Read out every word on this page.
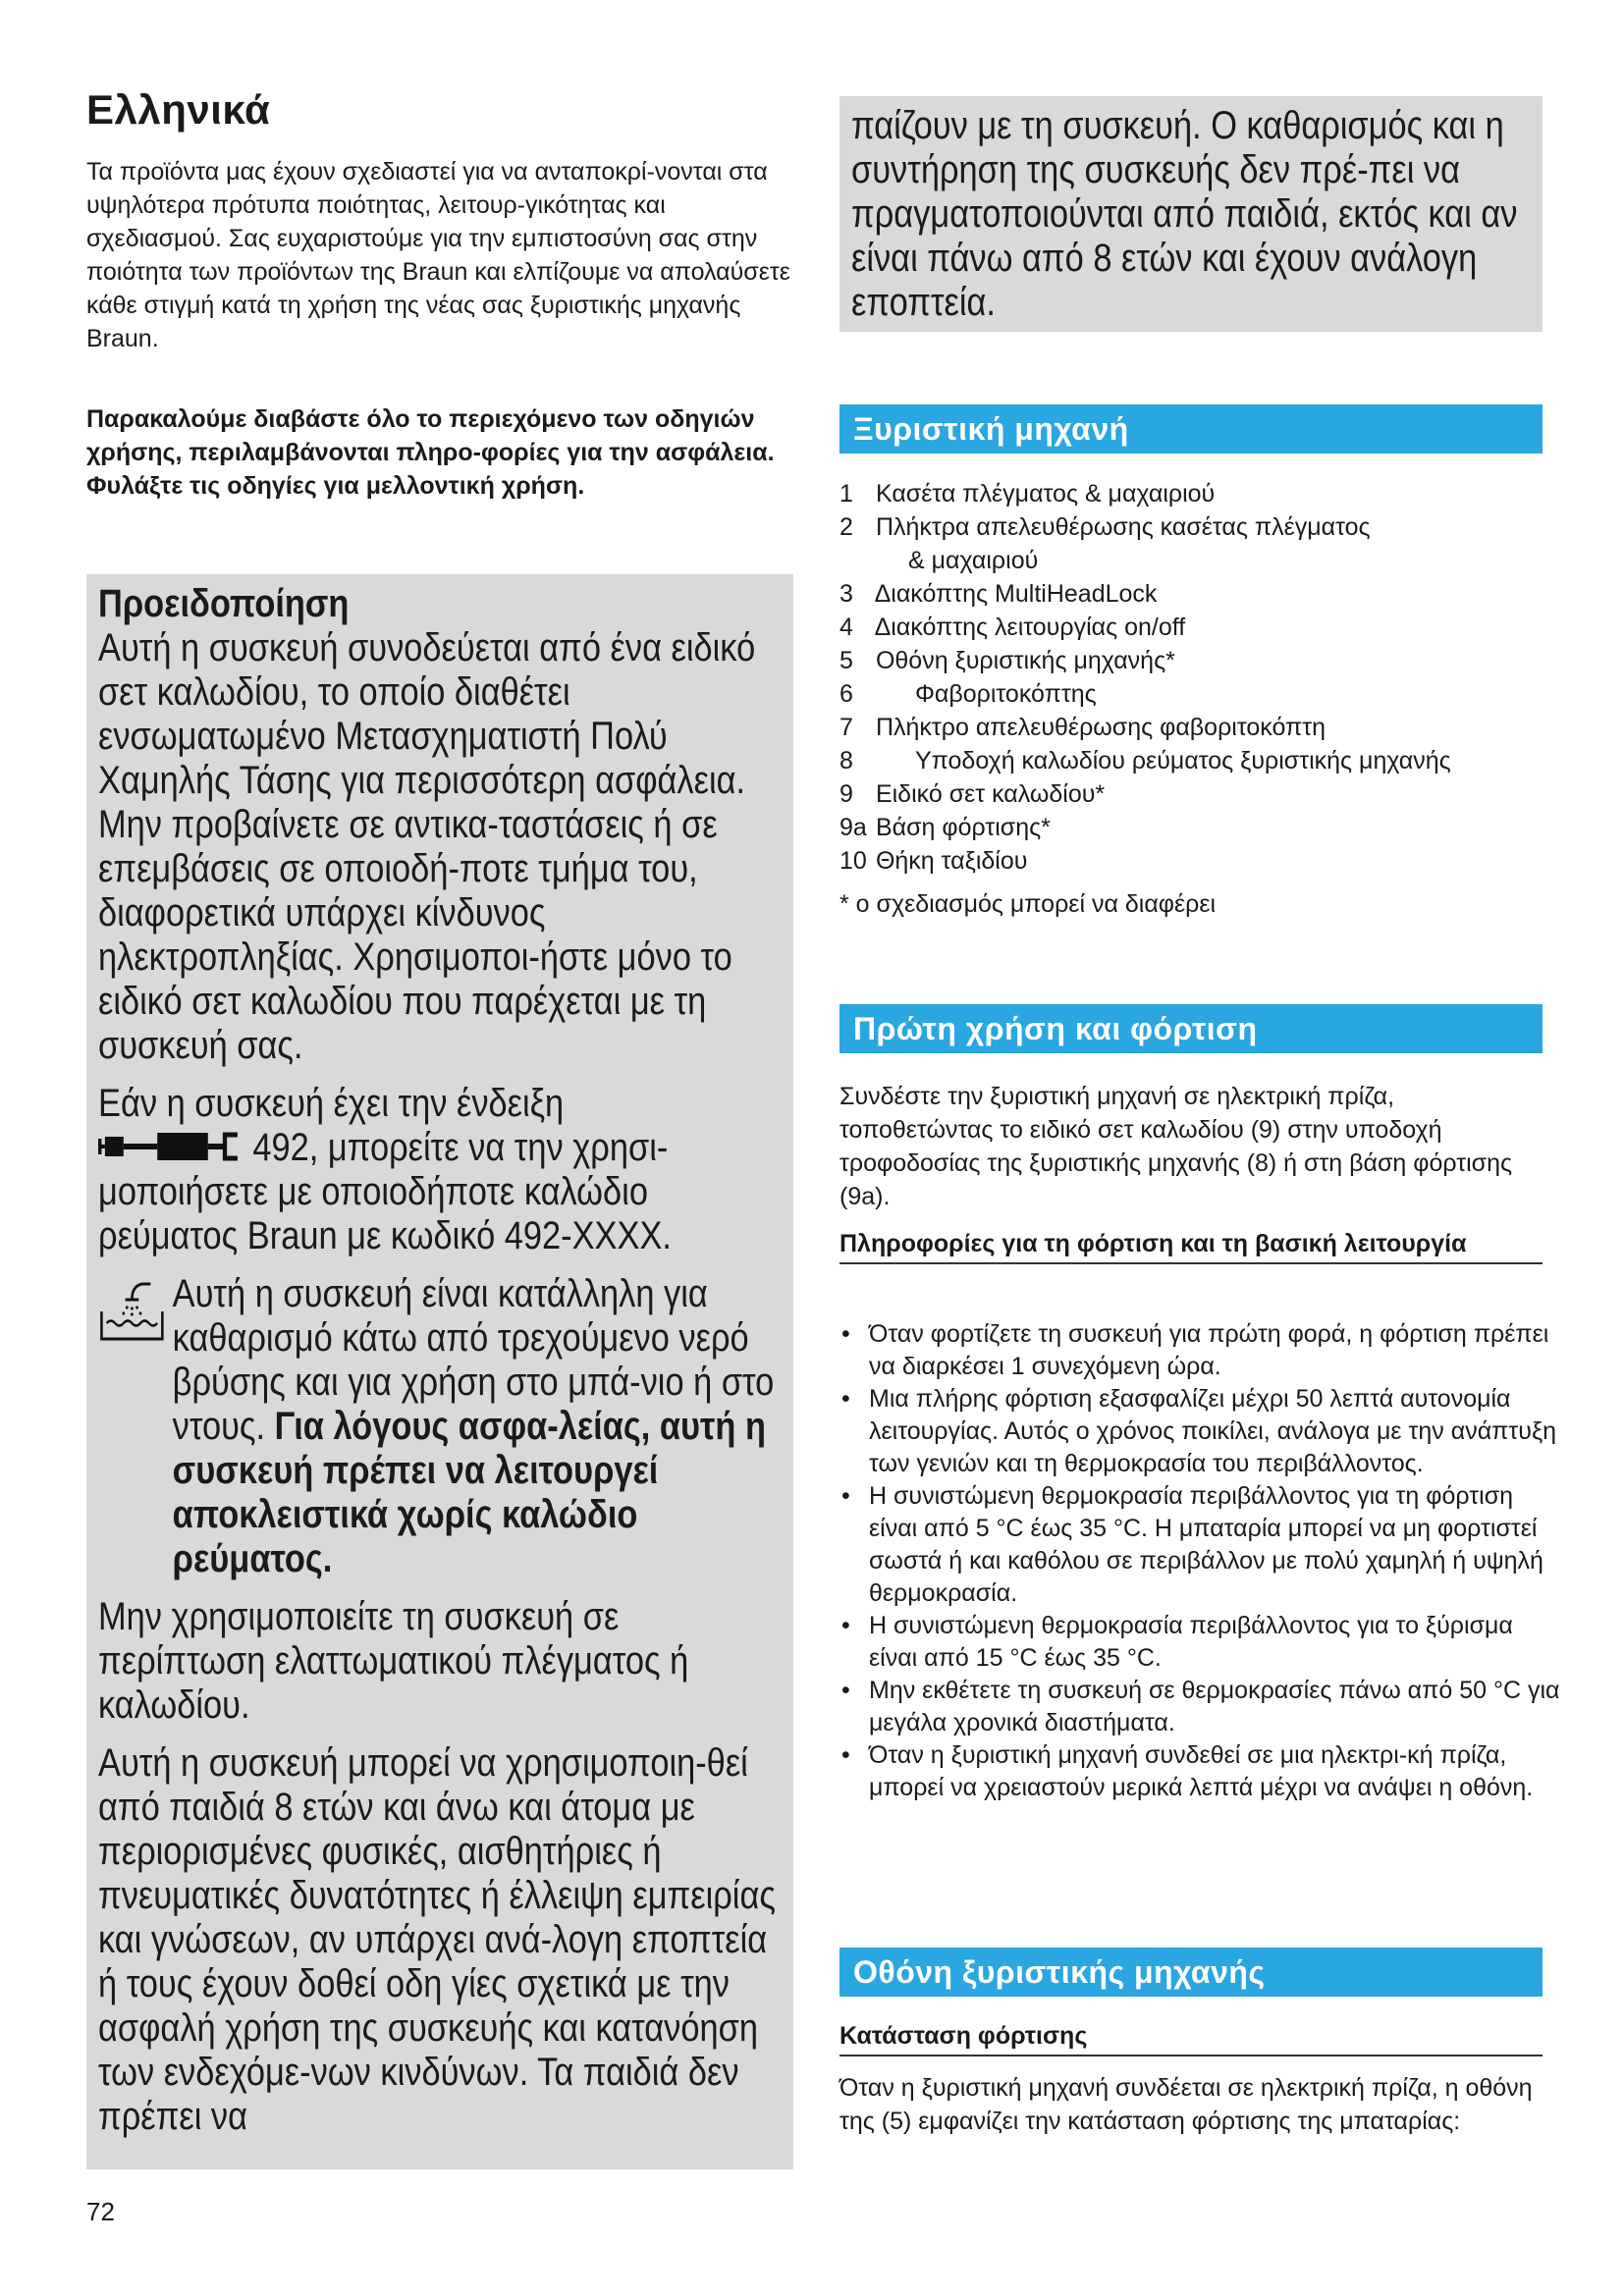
Ελληνικά
Τα προϊόντα μας έχουν σχεδιαστεί για να ανταποκρί-νονται στα υψηλότερα πρότυπα ποιότητας, λειτουρ-γικότητας και σχεδιασμού. Σας ευχαριστούμε για την εμπιστοσύνη σας στην ποιότητα των προϊόντων της Braun και ελπίζουμε να απολαύσετε κάθε στιγμή κατά τη χρήση της νέας σας ξυριστικής μηχανής Braun.
Παρακαλούμε διαβάστε όλο το περιεχόμενο των οδηγιών χρήσης, περιλαμβάνονται πληρο-φορίες για την ασφάλεια. Φυλάξτε τις οδηγίες για μελλοντική χρήση.

Προειδοποίηση

Αυτή η συσκευή συνοδεύεται από ένα ειδικό σετ καλωδίου, το οποίο διαθέτει ενσωματωμένο Μετασχηματιστή Πολύ Χαμηλής Τάσης για περισσότερη ασφάλεια. Μην προβαίνετε σε αντικα-ταστάσεις ή σε επεμβάσεις σε οποιοδή-ποτε τμήμα του, διαφορετικά υπάρχει κίνδυνος ηλεκτροπληξίας. Χρησιμοποι-ήστε μόνο το ειδικό σετ καλωδίου που παρέχεται με τη συσκευή σας.

Εάν η συσκευή έχει την ένδειξη
492, μπορείτε να την χρησι-μοποιήσετε με οποιοδήποτε καλώδιο ρεύματος Braun με κωδικό 492-XXXX.

Αυτή η συσκευή είναι κατάλληλη για καθαρισμό κάτω από τρεχούμενο νερό βρύσης και για χρήση στο μπά-νιο ή στο ντους. Για λόγους ασφα-λείας, αυτή η συσκευή πρέπει να λειτουργεί αποκλειστικά χωρίς καλώδιο ρεύματος.

Μην χρησιμοποιείτε τη συσκευή σε περίπτωση ελαττωματικού πλέγματος ή καλωδίου.

Αυτή η συσκευή μπορεί να χρησιμοποιη-θεί από παιδιά 8 ετών και άνω και άτομα με περιορισμένες φυσικές, αισθητήριες ή πνευματικές δυνατότητες ή έλλειψη εμπειρίας και γνώσεων, αν υπάρχει ανά-λογη εποπτεία ή τους έχουν δοθεί οδη γίες σχετικά με την ασφαλή χρήση της συσκευής και κατανόηση των ενδεχόμε-νων κινδύνων. Τα παιδιά δεν πρέπει να

72
παίζουν με τη συσκευή. Ο καθαρισμός και η συντήρηση της συσκευής δεν πρέ-πει να πραγματοποιούνται από παιδιά, εκτός και αν είναι πάνω από 8 ετών και έχουν ανάλογη εποπτεία.
Ξυριστική μηχανή
1 Κασέτα πλέγματος & μαχαιριού
2 Πλήκτρα απελευθέρωσης κασέτας πλέγματος
& μαχαιριού
3 Διακόπτης MultiHeadLock
4 Διακόπτης λειτουργίας on/off
5 Οθόνη ξυριστικής μηχανής*
6	Φαβοριτοκόπτης
7 Πλήκτρο απελευθέρωσης φαβοριτοκόπτη
8	Υποδοχή καλωδίου ρεύματος ξυριστικής μηχανής
9 Ειδικό σετ καλωδίου*
9a Βάση φόρτισης*
10 Θήκη ταξιδίου
* ο σχεδιασμός μπορεί να διαφέρει
Πρώτη χρήση και φόρτιση
Συνδέστε την ξυριστική μηχανή σε ηλεκτρική πρίζα, τοποθετώντας το ειδικό σετ καλωδίου (9) στην υποδοχή τροφοδοσίας της ξυριστικής μηχανής (8) ή στη βάση φόρτισης (9a).
Πληροφορίες για τη φόρτιση και τη βασική λειτουργία
• Όταν φορτίζετε τη συσκευή για πρώτη φορά, η φόρτιση πρέπει να διαρκέσει 1 συνεχόμενη ώρα.
• Μια πλήρης φόρτιση εξασφαλίζει μέχρι 50 λεπτά αυτονομία λειτουργίας. Αυτός ο χρόνος ποικίλει, ανάλογα με την ανάπτυξη των γενιών και τη θερμοκρασία του περιβάλλοντος.
• Η συνιστώμενη θερμοκρασία περιβάλλοντος για τη φόρτιση είναι από 5 °C έως 35 °C. Η μπαταρία μπορεί να μη φορτιστεί σωστά ή και καθόλου σε περιβάλλον με πολύ χαμηλή ή υψηλή θερμοκρασία.
• Η συνιστώμενη θερμοκρασία περιβάλλοντος για το ξύρισμα είναι από 15 °C έως 35 °C.
• Μην εκθέτετε τη συσκευή σε θερμοκρασίες πάνω από 50 °C για μεγάλα χρονικά διαστήματα.
• Όταν η ξυριστική μηχανή συνδεθεί σε μια ηλεκτρι-κή πρίζα, μπορεί να χρειαστούν μερικά λεπτά μέχρι να ανάψει η οθόνη.
Οθόνη ξυριστικής μηχανής
Κατάσταση φόρτισης
Όταν η ξυριστική μηχανή συνδέεται σε ηλεκτρική πρίζα, η οθόνη της (5) εμφανίζει την κατάσταση φόρτισης της μπαταρίας:
